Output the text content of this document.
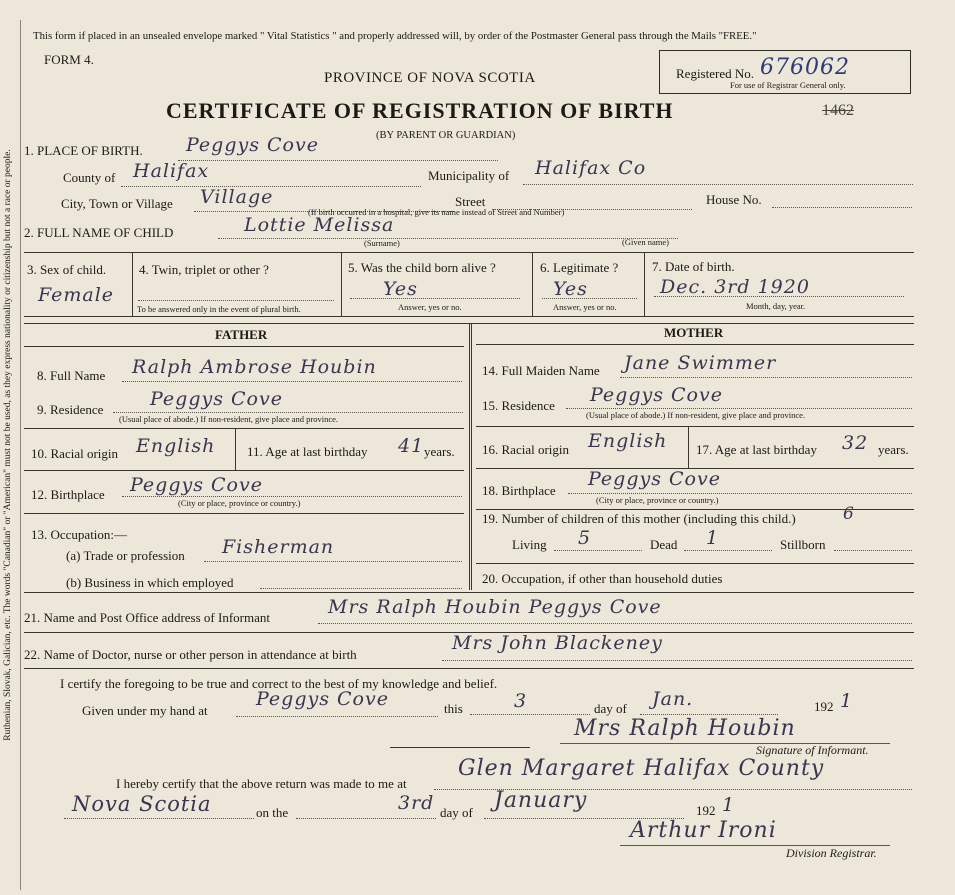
Ruthenian, Slovak, Galician, etc. The words "Canadian" or "American" must not be used, as they express nationality or citizenship but not a race or people.
This form if placed in an unsealed envelope marked " Vital Statistics " and properly addressed will, by order of the Postmaster General pass through the Mails "FREE."
FORM 4.
PROVINCE OF NOVA SCOTIA
CERTIFICATE OF REGISTRATION OF BIRTH
(BY PARENT OR GUARDIAN)
Registered No. 676062
For use of Registrar General only.
1462
1. PLACE OF BIRTH. Peggys Cove
County of Halifax	Municipality of Halifax Co
City, Town or Village Village	Street	House No.
(If birth occurred in a hospital, give its name instead of Street and Number)
2. FULL NAME OF CHILD	Lottie Melissa
(Surname)	(Given name)
3. Sex of child.
Female
4. Twin, triplet or other ?
To be answered only in the event of plural birth.
5. Was the child born alive ?
Yes
Answer, yes or no.
6. Legitimate ?
Yes
Answer, yes or no.
7. Date of birth.
Dec. 3rd 1920
Month, day, year.
FATHER	MOTHER
8. Full Name Ralph Ambrose Houbin
9. Residence Peggys Cove
(Usual place of abode.) If non-resident, give place and province.
10. Racial origin English 11. Age at last birthday 41 years.
12. Birthplace Peggys Cove
(City or place, province or country.)
13. Occupation:—
(a) Trade or profession Fisherman
(b) Business in which employed
14. Full Maiden Name Jane Swimmer
15. Residence Peggys Cove
(Usual place of abode.) If non-resident, give place and province.
16. Racial origin English 17. Age at last birthday 32 years.
18. Birthplace
Peggys Cove
(City or place, province or country.)
19. Number of children of this mother (including this child.)	6
Living 5	Dead 1	Stillborn
20. Occupation, if other than household duties
21. Name and Post Office address of Informant	Mrs Ralph Houbin Peggys Cove
22. Name of Doctor, nurse or other person in attendance at birth
Mrs John Blackeney
I certify the foregoing to be true and correct to the best of my knowledge and belief.
Given under my hand at
Peggys Cove	this	3	day of Jan.	192 1
Mrs Ralph Houbin
Signature of Informant.
I hereby certify that the above return was made to me at
Glen Margaret Halifax County
Nova Scotia	on the	3rd day of January	192 1
Arthur Ironi
Division Registrar.
